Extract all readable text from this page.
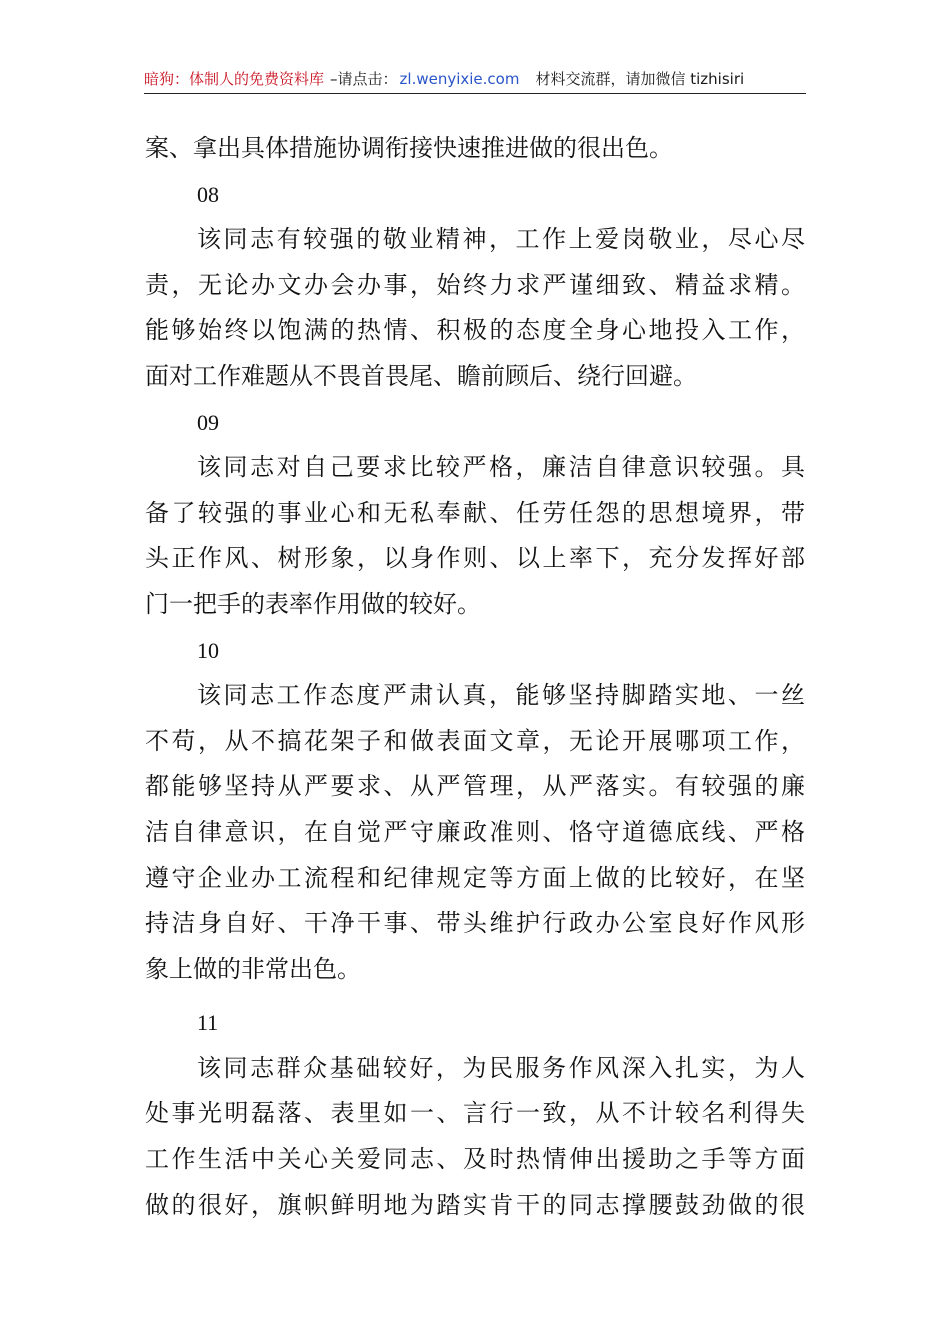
暗狗：体制人的免费资料库 –请点击： zl.wenyixie.com 材料交流群，请加微信 tizhisiri
案、拿出具体措施协调衔接快速推进做的很出色。
08
该同志有较强的敬业精神，工作上爱岗敬业，尽心尽
责，无论办文办会办事，始终力求严谨细致、精益求精。
能够始终以饱满的热情、积极的态度全身心地投入工作，
面对工作难题从不畏首畏尾、瞻前顾后、绕行回避。
09
该同志对自己要求比较严格，廉洁自律意识较强。具
备了较强的事业心和无私奉献、任劳任怨的思想境界，带
头正作风、树形象，以身作则、以上率下，充分发挥好部
门一把手的表率作用做的较好。
10
该同志工作态度严肃认真，能够坚持脚踏实地、一丝
不苟，从不搞花架子和做表面文章，无论开展哪项工作，
都能够坚持从严要求、从严管理，从严落实。有较强的廉
洁自律意识，在自觉严守廉政准则、恪守道德底线、严格
遵守企业办工流程和纪律规定等方面上做的比较好，在坚
持洁身自好、干净干事、带头维护行政办公室良好作风形
象上做的非常出色。
11
该同志群众基础较好，为民服务作风深入扎实，为人
处事光明磊落、表里如一、言行一致，从不计较名利得失
工作生活中关心关爱同志、及时热情伸出援助之手等方面
做的很好，旗帜鲜明地为踏实肯干的同志撑腰鼓劲做的很
